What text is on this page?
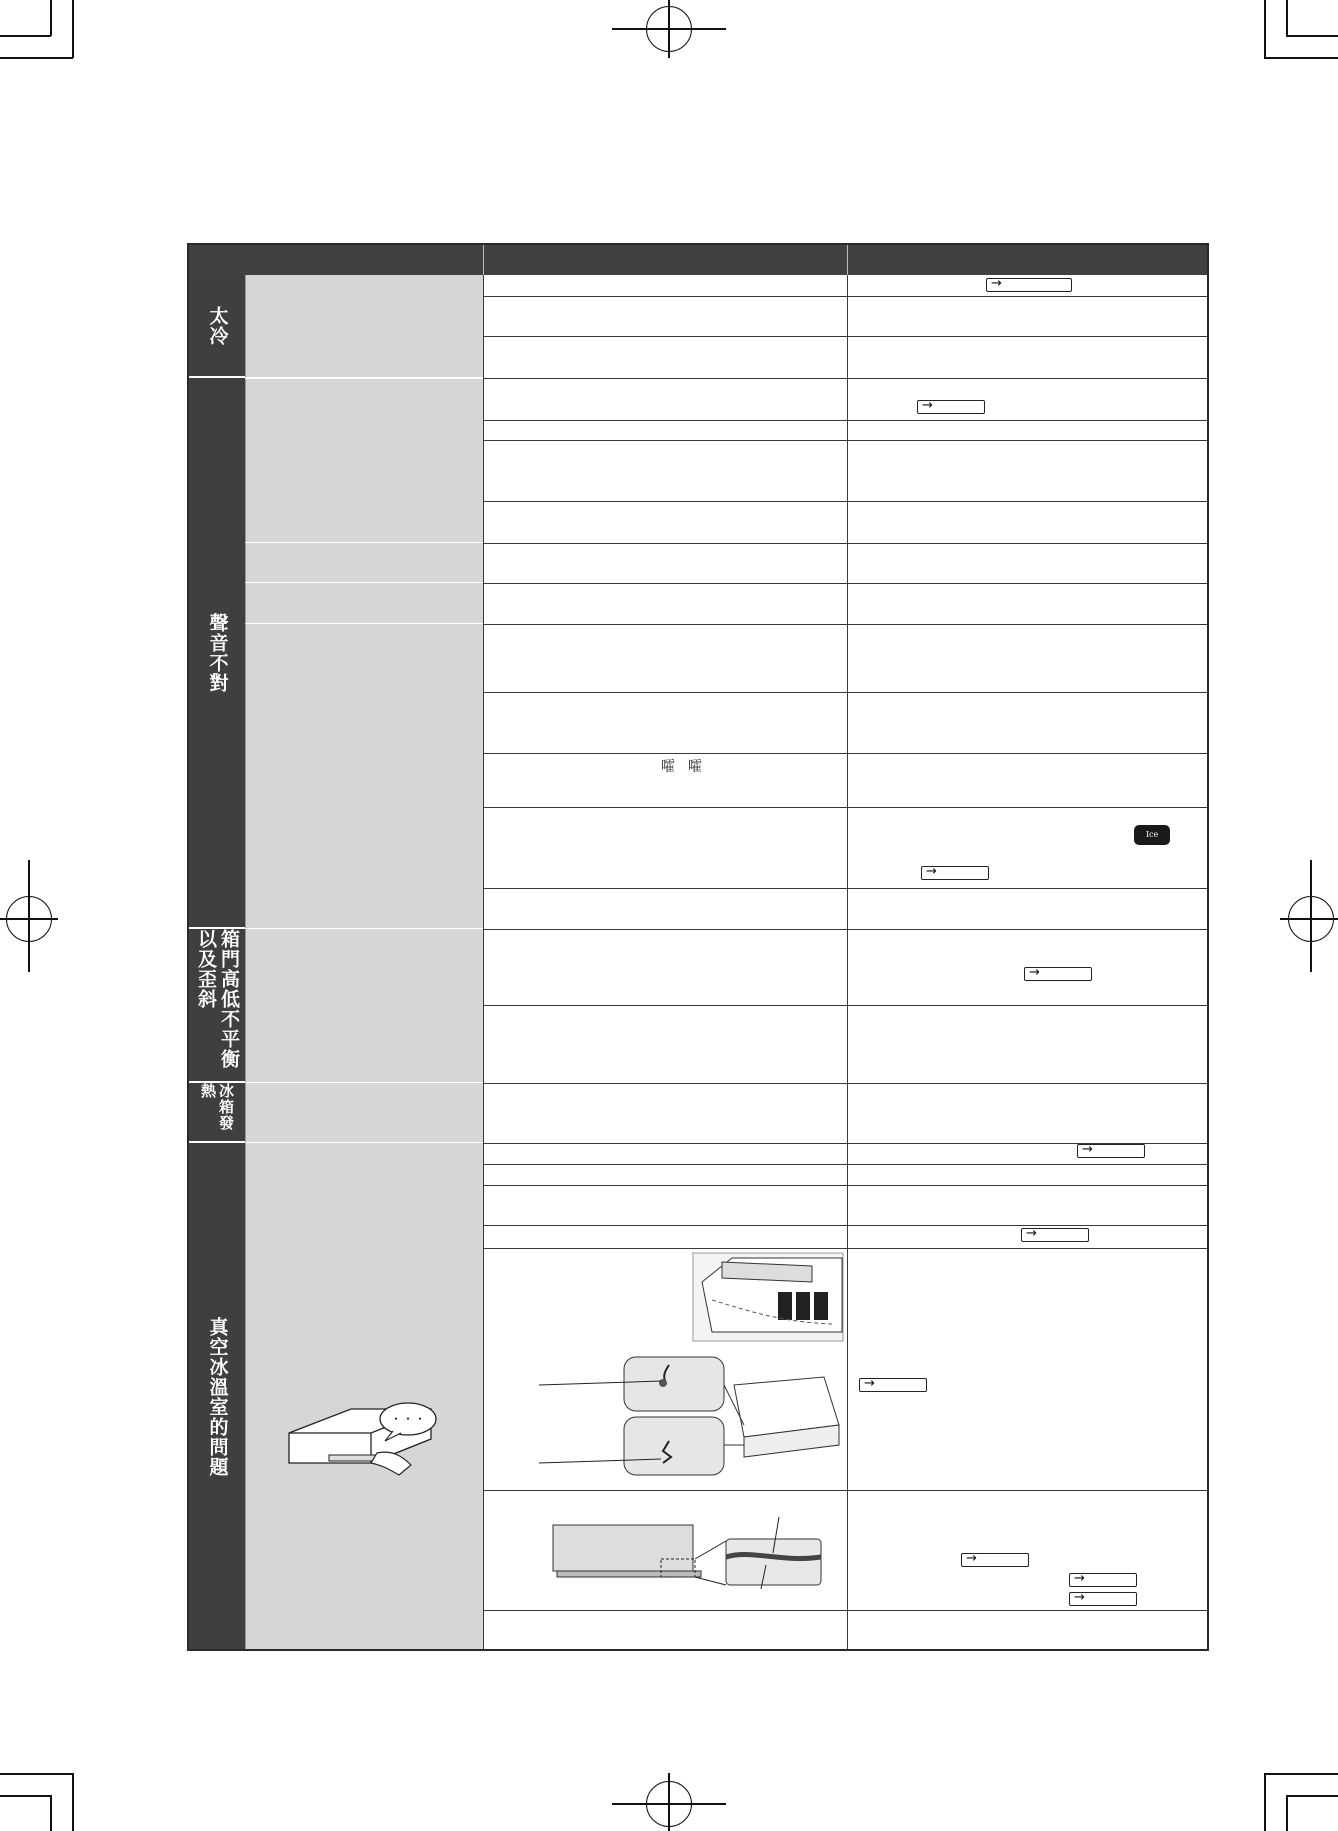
太冷
聲音不對
箱門高低不平衡以及歪斜
冰箱發熱
真空冰溫室的問題
→
→
→
→
→
→
→
→
→
→
Ice Maker
嚯 嚯
・・・
